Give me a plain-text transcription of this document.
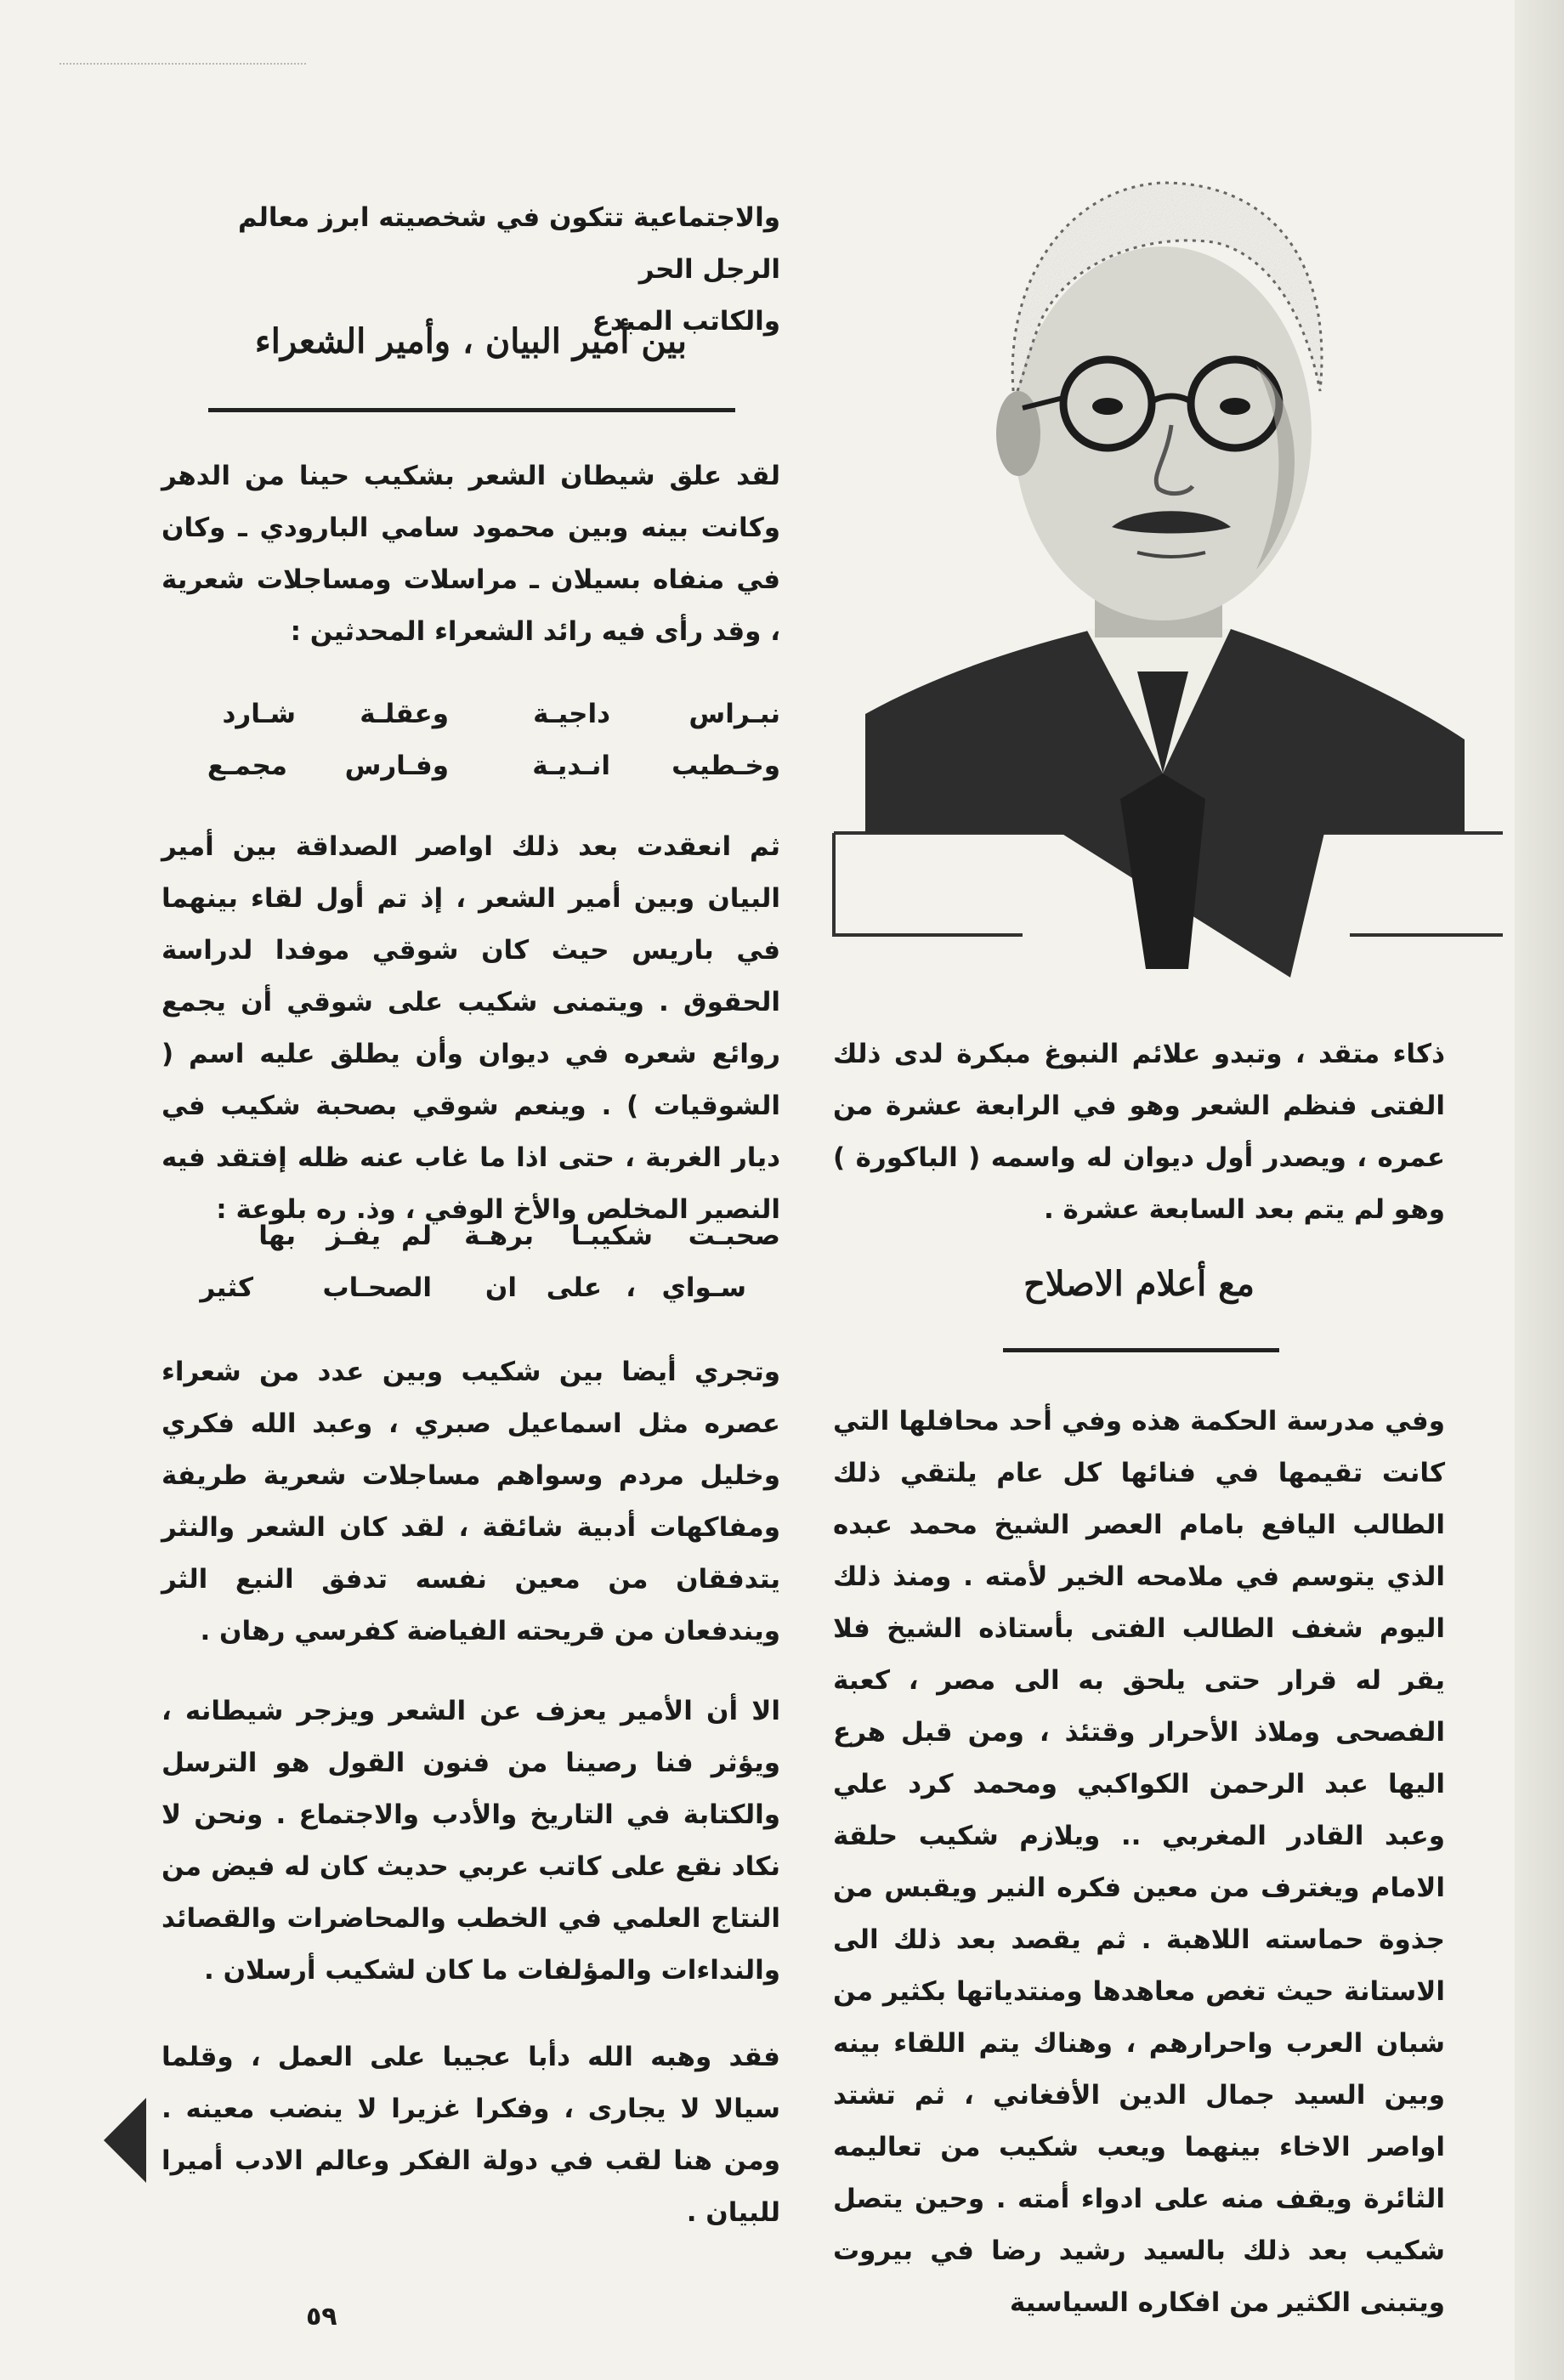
والاجتماعية تتكون في شخصيته ابرز معالم الرجل الحر

والكاتب المبدع

بين أمير البيان ، وأمير الشعراء

لقد علق شيطان الشعر بشكيب حينا من الدهر وكانت بينه وبين محمود سامي البارودي ـ وكان في منفاه بسيلان ـ مراسلات ومساجلات شعرية ، وقد رأى فيه رائد الشعراء المحدثين :

نبـراس
داجيـة
وعقلـة
شـارد
وخـطيب
انـديـة
وفـارس
مجمـع

ثم انعقدت بعد ذلك اواصر الصداقة بين أمير البيان وبين أمير الشعر ، إذ تم أول لقاء بينهما في باريس حيث كان شوقي موفدا لدراسة الحقوق . ويتمنى شكيب على شوقي أن يجمع روائع شعره في ديوان وأن يطلق عليه اسم ( الشوقيات ) . وينعم شوقي بصحبة شكيب في ديار الغربة ، حتى اذا ما غاب عنه ظله إفتقد فيه النصير المخلص والأخ الوفي ، وذ. ره بلوعة :

صحبـت
شكيبـا
برهـة
لم
يفـز
بها
سـواي
،
على
ان
الصحـاب
كثير

وتجري أيضا بين شكيب وبين عدد من شعراء عصره مثل اسماعيل صبري ، وعبد الله فكري وخليل مردم وسواهم مساجلات شعرية طريفة ومفاكهات أدبية شائقة ، لقد كان الشعر والنثر يتدفقان من معين نفسه تدفق النبع الثر ويندفعان من قريحته الفياضة كفرسي رهان .

الا أن الأمير يعزف عن الشعر ويزجر شيطانه ، ويؤثر فنا رصينا من فنون القول هو الترسل والكتابة في التاريخ والأدب والاجتماع . ونحن لا نكاد نقع على كاتب عربي حديث كان له فيض من النتاج العلمي في الخطب والمحاضرات والقصائد والنداءات والمؤلفات ما كان لشكيب أرسلان .

فقد وهبه الله دأبا عجيبا على العمل ، وقلما سيالا لا يجارى ، وفكرا غزيرا لا ينضب معينه . ومن هنا لقب في دولة الفكر وعالم الادب أميرا للبيان .

ذكاء متقد ، وتبدو علائم النبوغ مبكرة لدى ذلك الفتى فنظم الشعر وهو في الرابعة عشرة من عمره ، ويصدر أول ديوان له واسمه ( الباكورة ) وهو لم يتم بعد السابعة عشرة .

مع أعلام الاصلاح

وفي مدرسة الحكمة هذه وفي أحد محافلها التي كانت تقيمها في فنائها كل عام يلتقي ذلك الطالب اليافع بامام العصر الشيخ محمد عبده الذي يتوسم في ملامحه الخير لأمته . ومنذ ذلك اليوم شغف الطالب الفتى بأستاذه الشيخ فلا يقر له قرار حتى يلحق به الى مصر ، كعبة الفصحى وملاذ الأحرار وقتئذ ، ومن قبل هرع اليها عبد الرحمن الكواكبي ومحمد كرد علي وعبد القادر المغربي .. ويلازم شكيب حلقة الامام ويغترف من معين فكره النير ويقبس من جذوة حماسته اللاهبة . ثم يقصد بعد ذلك الى الاستانة حيث تغص معاهدها ومنتدياتها بكثير من شبان العرب واحرارهم ، وهناك يتم اللقاء بينه وبين السيد جمال الدين الأفغاني ، ثم تشتد اواصر الاخاء بينهما ويعب شكيب من تعاليمه الثائرة ويقف منه على ادواء أمته . وحين يتصل شكيب بعد ذلك بالسيد رشيد رضا في بيروت ويتبنى الكثير من افكاره السياسية

٥٩
